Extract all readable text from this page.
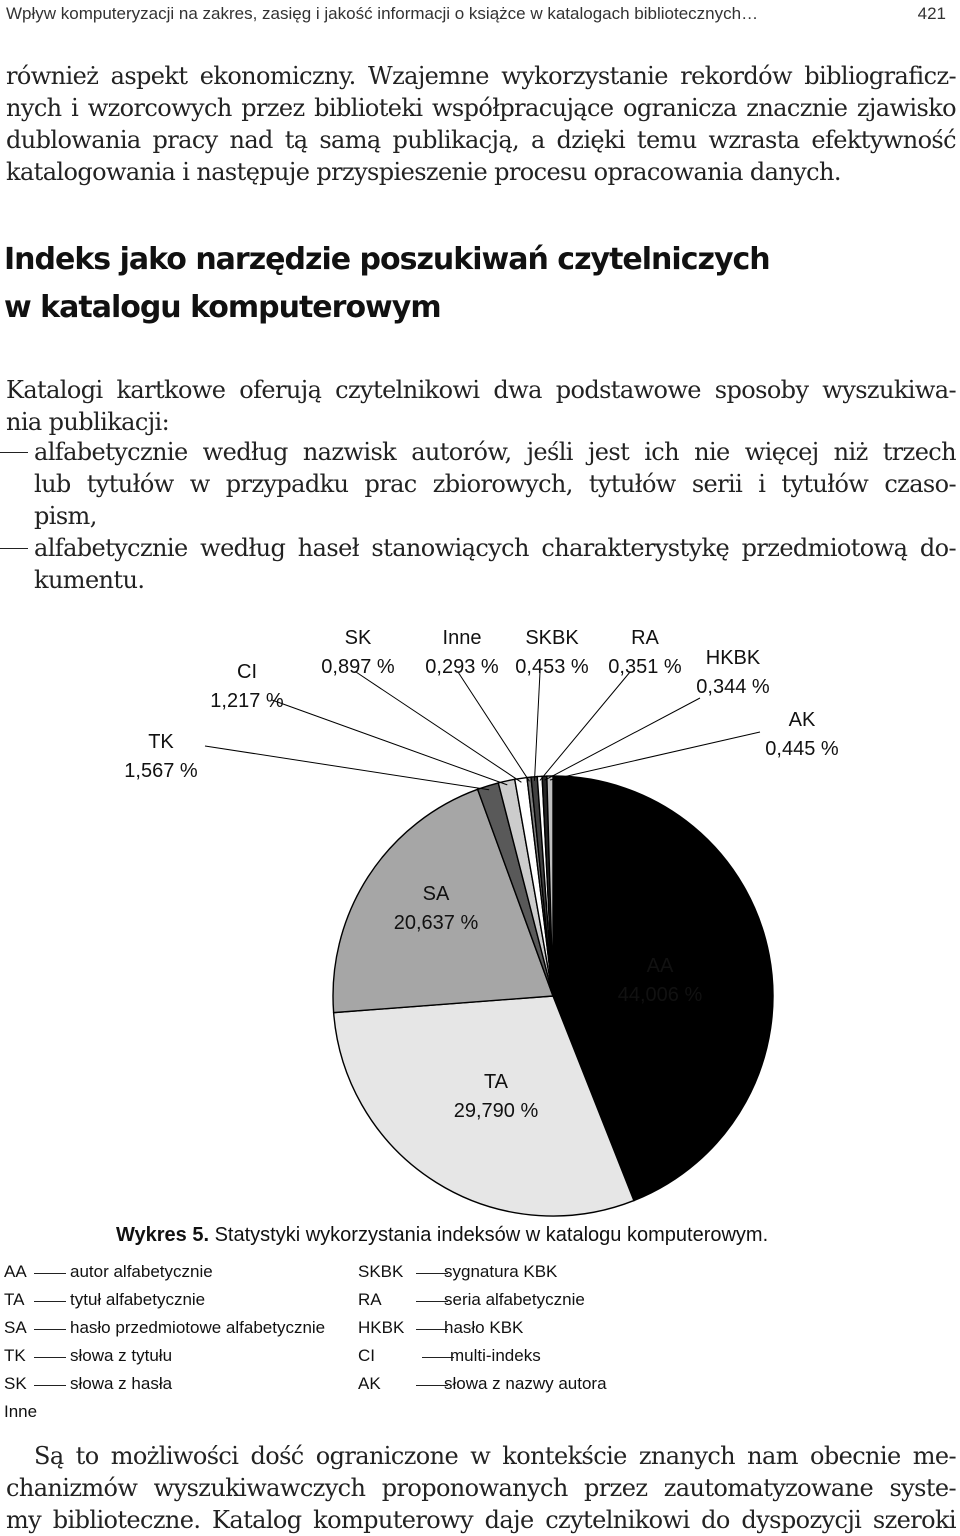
Wpływ komputeryzacji na zakres, zasięg i jakość informacji o książce w katalogach bibliotecznych…	421
również aspekt ekonomiczny. Wzajemne wykorzystanie rekordów bibliograficz-
nych i wzorcowych przez biblioteki współpracujące ogranicza znacznie zjawisko
dublowania pracy nad tą samą publikacją, a dzięki temu wzrasta efektywność
katalogowania i następuje przyspieszenie procesu opracowania danych.
Indeks jako narzędzie poszukiwań czytelniczych
w katalogu komputerowym
Katalogi kartkowe oferują czytelnikowi dwa podstawowe sposoby wyszukiwa-
nia publikacji:
alfabetycznie według nazwisk autorów, jeśli jest ich nie więcej niż trzech
lub tytułów w przypadku prac zbiorowych, tytułów serii i tytułów czaso-
pism,
alfabetycznie według haseł stanowiących charakterystykę przedmiotową do-
kumentu.
AA
44,006 %
TA
29,790 %
SA
20,637 %
TK
1,567 %
CI
1,217 %
SK
0,897 %
Inne
0,293 %
SKBK
0,453 %
RA
0,351 % HKBK
0,344 %
AK
0,445 %
Wykres 5. Statystyki wykorzystania indeksów w katalogu komputerowym.
AA	autor alfabetycznie
TA	tytuł alfabetycznie
SA	hasło przedmiotowe alfabetycznie
TK	słowa z tytułu
SK	słowa z hasła
Inne
SKBK sygnatura KBK
RA	seria alfabetycznie
HKBK hasło KBK
CI	multi-indeks
AK	słowa z nazwy autora
Są to możliwości dość ograniczone w kontekście znanych nam obecnie me-
chanizmów wyszukiwawczych proponowanych przez zautomatyzowane syste-
my biblioteczne. Katalog komputerowy daje czytelnikowi do dyspozycji szeroki
